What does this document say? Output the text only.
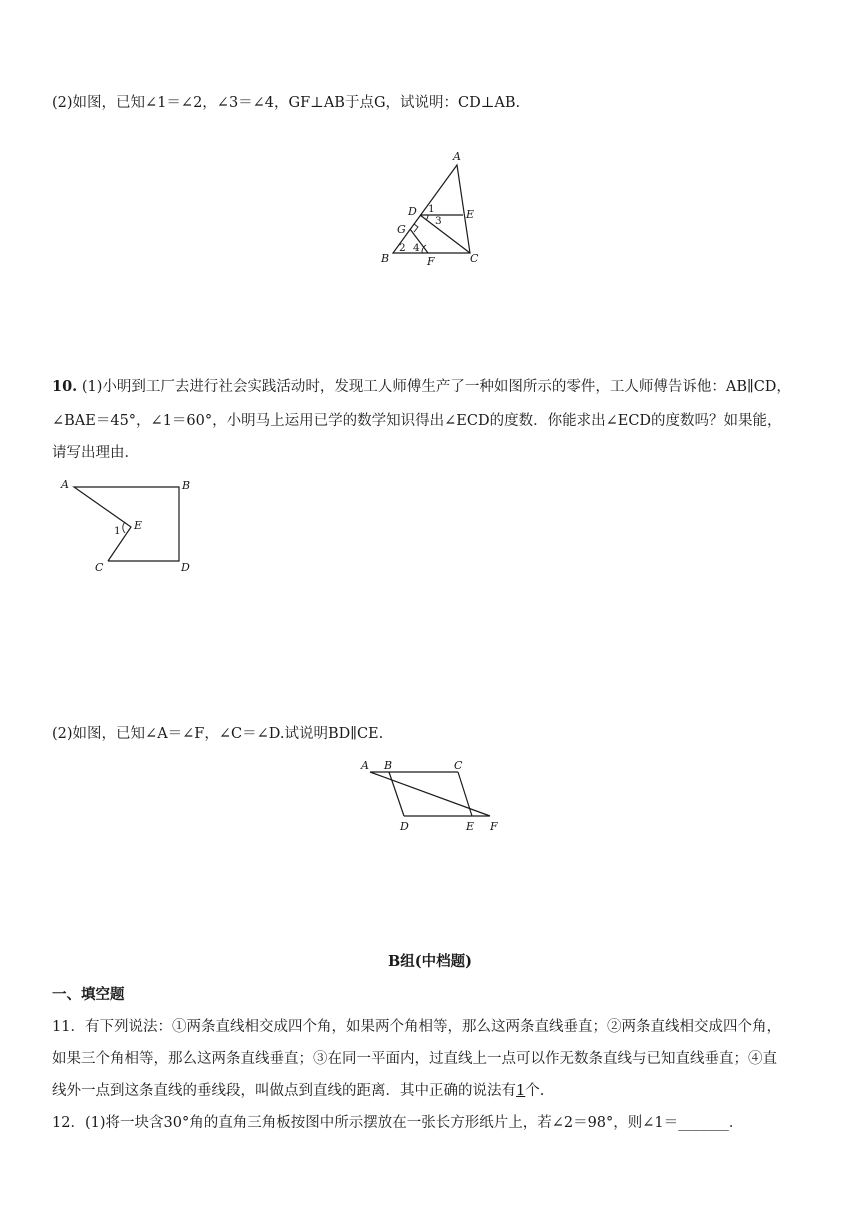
(2)如图，已知∠1＝∠2，∠3＝∠4，GF⊥AB于点G，试说明：CD⊥AB.
A
B	C
D	E
F
G
1
2
3
4
10. (1)小明到工厂去进行社会实践活动时，发现工人师傅生产了一种如图所示的零件，工人师傅告诉他：AB∥CD，
∠BAE＝45°，∠1＝60°，小明马上运用已学的数学知识得出∠ECD的度数．你能求出∠ECD的度数吗？如果能，
请写出理由．
A	B
C	D
E
1
(2)如图，已知∠A＝∠F，∠C＝∠D.试说明BD∥CE.
A B	C
D	E F
B组(中档题)
一、填空题
11．有下列说法：①两条直线相交成四个角，如果两个角相等，那么这两条直线垂直；②两条直线相交成四个角，
如果三个角相等，那么这两条直线垂直；③在同一平面内，过直线上一点可以作无数条直线与已知直线垂直；④直
线外一点到这条直线的垂线段，叫做点到直线的距离．其中正确的说法有1个.
12．(1)将一块含30°角的直角三角板按图中所示摆放在一张长方形纸片上，若∠2＝98°，则∠1＝_______．
